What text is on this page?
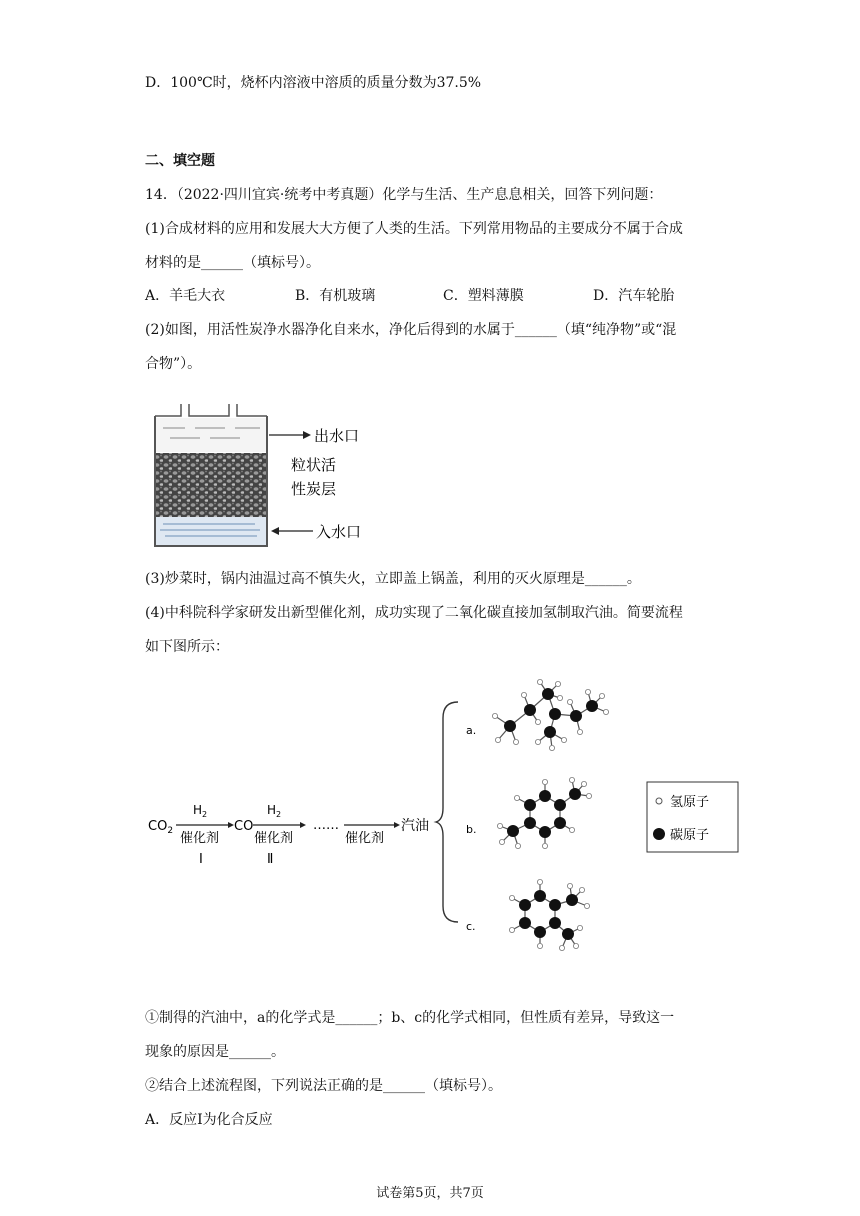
D．100℃时，烧杯内溶液中溶质的质量分数为37.5%
二、填空题
14．（2022·四川宜宾·统考中考真题）化学与生活、生产息息相关，回答下列问题：
(1)合成材料的应用和发展大大方便了人类的生活。下列常用物品的主要成分不属于合成
材料的是______（填标号）。
A．羊毛大衣	B．有机玻璃	C．塑料薄膜	D．汽车轮胎
(2)如图，用活性炭净水器净化自来水，净化后得到的水属于______（填“纯净物”或“混
合物”）。
出水口
粒状活
性炭层
入水口
(3)炒菜时，锅内油温过高不慎失火，立即盖上锅盖，利用的灭火原理是______。
(4)中科院科学家研发出新型催化剂，成功实现了二氧化碳直接加氢制取汽油。简要流程
如下图所示：
$CO_2$
$H_2$
催化剂
Ⅰ
CO
$H_2$
催化剂
Ⅱ
……
催化剂
汽油
a.
b.
c.
氢原子
碳原子
①制得的汽油中，a的化学式是______；b、c的化学式相同，但性质有差异，导致这一
现象的原因是______。
②结合上述流程图，下列说法正确的是______（填标号）。
A．反应Ⅰ为化合反应
试卷第5页，共7页
